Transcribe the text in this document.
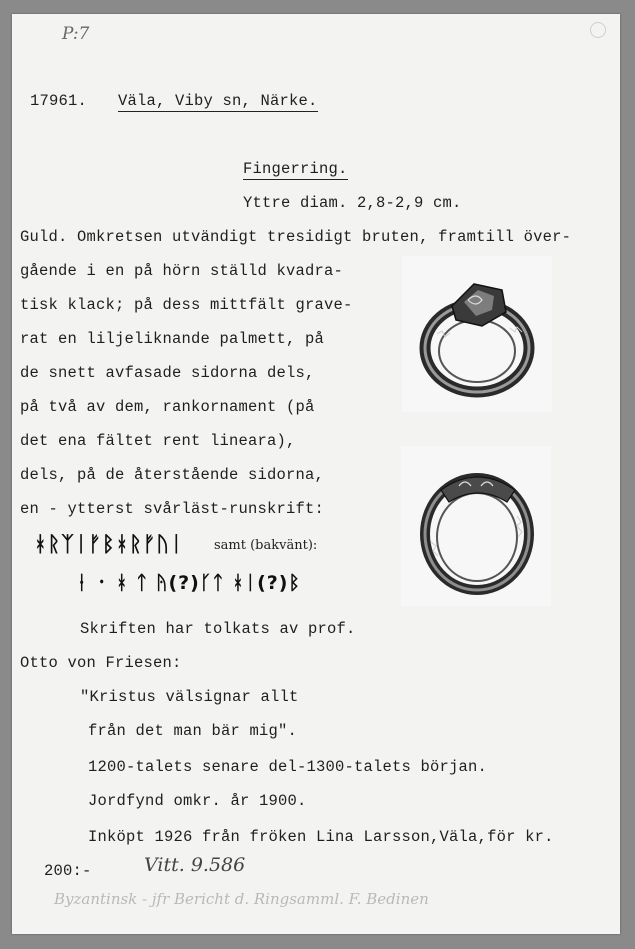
P:7
17961. Väla, Viby sn, Närke.
Fingerring.
Yttre diam. 2,8-2,9 cm.
Guld. Omkretsen utvändigt tresidigt bruten, framtill över-
gående i en på hörn ställd kvadra-
tisk klack; på dess mittfält grave-
rat en liljeliknande palmett, på
de snett avfasade sidorna dels,
på två av dem, rankornament (på
det ena fältet rent lineara),
dels, på de återstående sidorna,
en - ytterst svårläst-runskrift:
ᚼᚱᛉᛁᚠᛒᚼᚱᚠᚢᛁ samt (bakvänt):
ᚽ ᛫ ᚼ ᛏ ᚤ(?)ᚴᛏ ᚼᛁ(?)ᛒ
Skriften har tolkats av prof.
Otto von Friesen:
"Kristus välsignar allt
från det man bär mig".
1200-talets senare del-1300-talets början.
Jordfynd omkr. år 1900.
Inköpt 1926 från fröken Lina Larsson,Väla,för kr.
200:-	Vitt. 9.586
Byzantinsk - jfr Bericht d. Ringsamml. F. Bedinen
